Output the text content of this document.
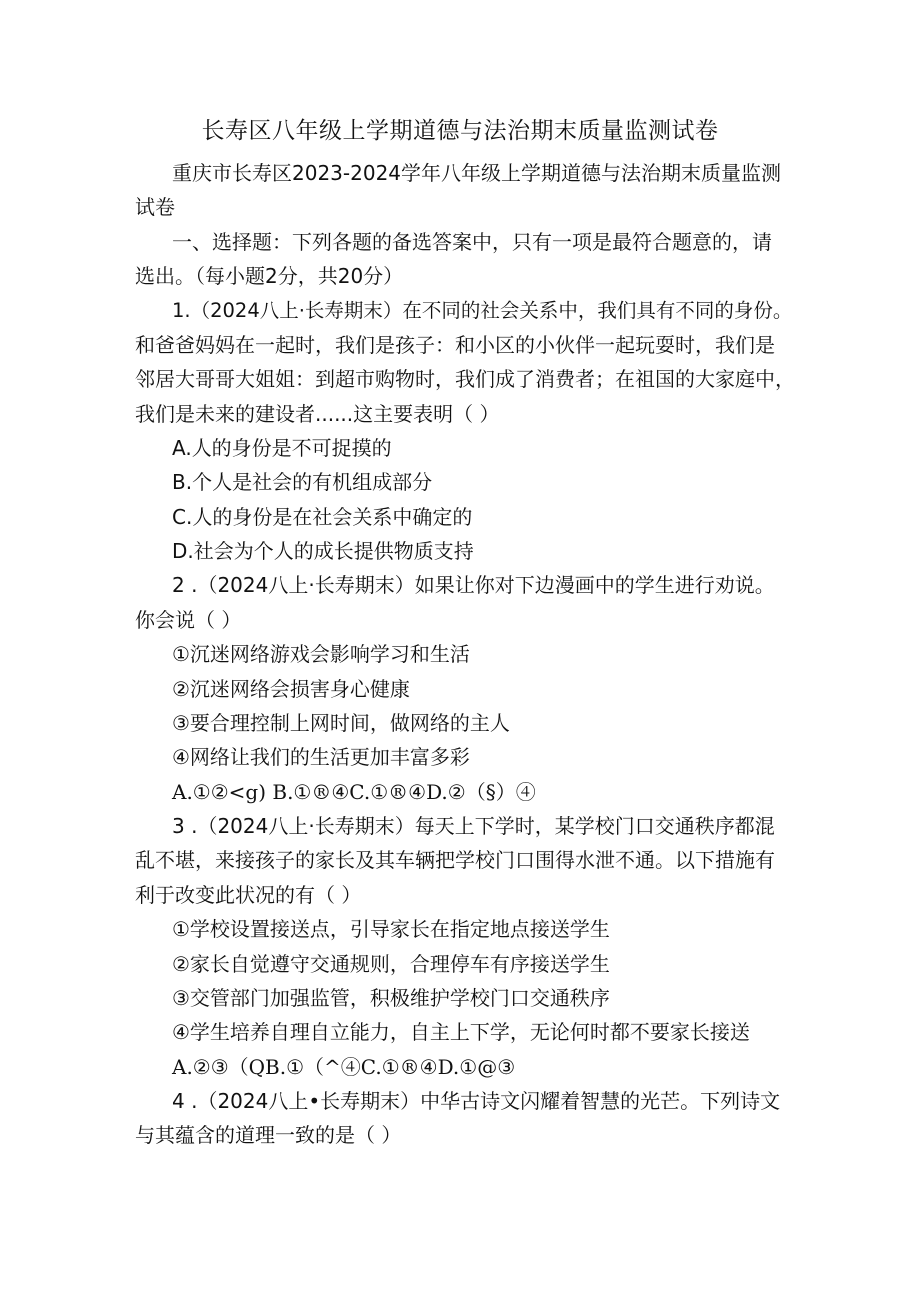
长寿区八年级上学期道德与法治期末质量监测试卷

重庆市长寿区2023-2024学年八年级上学期道德与法治期末质量监测

试卷

一、选择题：下列各题的备选答案中，只有一项是最符合题意的，请

选出。（每小题2分，共20分）

1.（2024八上·长寿期末）在不同的社会关系中，我们具有不同的身份。

和爸爸妈妈在一起时，我们是孩子：和小区的小伙伴一起玩耍时，我们是

邻居大哥哥大姐姐：到超市购物时，我们成了消费者；在祖国的大家庭中，

我们是未来的建设者......这主要表明（ ）

A.人的身份是不可捉摸的

B.个人是社会的有机组成部分

C.人的身份是在社会关系中确定的

D.社会为个人的成长提供物质支持

2 .（2024八上·长寿期末）如果让你对下边漫画中的学生进行劝说。

你会说（ ）

①沉迷网络游戏会影响学习和生活

②沉迷网络会损害身心健康

③要合理控制上网时间，做网络的主人

④网络让我们的生活更加丰富多彩

A.①②<g) B.①®④C.①®④D.②（§）④

3 .（2024八上·长寿期末）每天上下学时，某学校门口交通秩序都混

乱不堪，来接孩子的家长及其车辆把学校门口围得水泄不通。以下措施有

利于改变此状况的有（ ）

①学校设置接送点，引导家长在指定地点接送学生

②家长自觉遵守交通规则，合理停车有序接送学生

③交管部门加强监管，积极维护学校门口交通秩序

④学生培养自理自立能力，自主上下学，无论何时都不要家长接送

A.②③（QB.①（^④C.①®④D.①@③

4 .（2024八上•长寿期末）中华古诗文闪耀着智慧的光芒。下列诗文

与其蕴含的道理一致的是（ ）
